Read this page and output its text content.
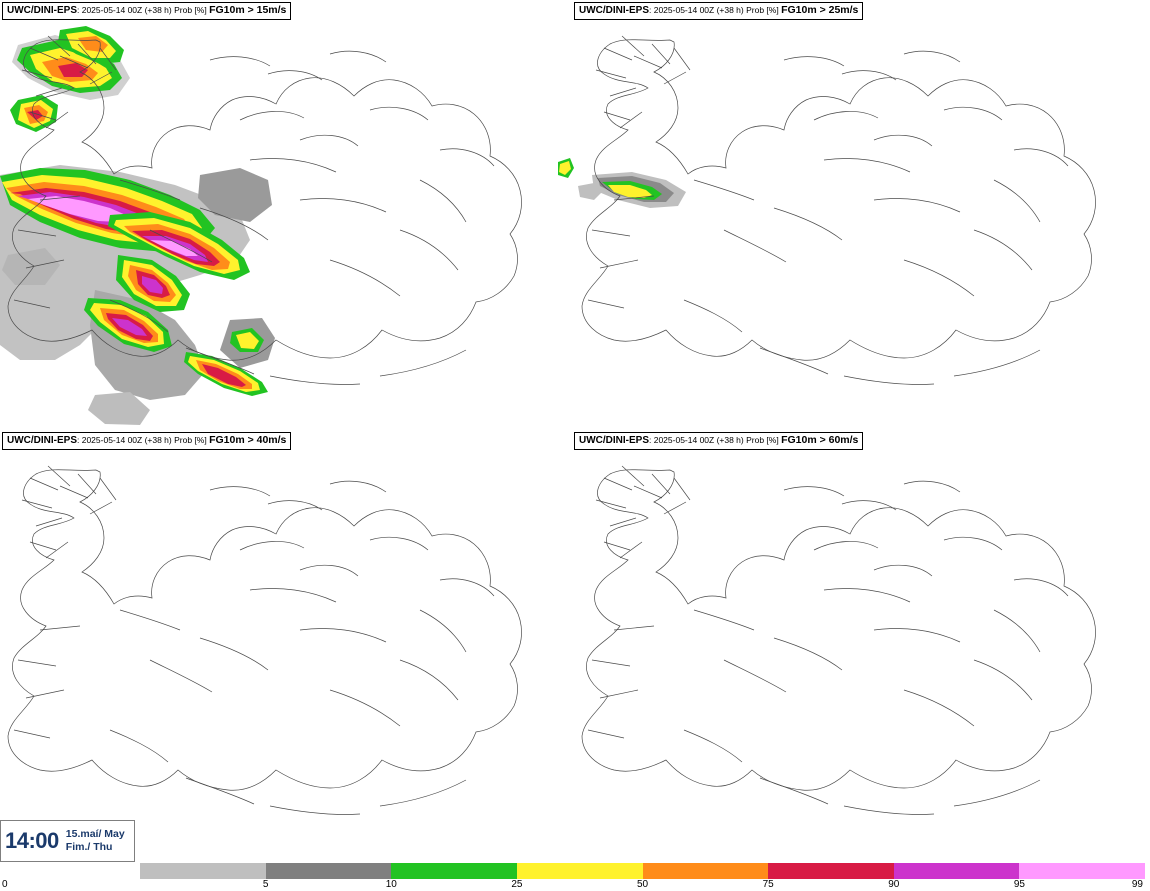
UWC/DINI-EPS: 2025-05-14 00Z (+38 h) Prob [%] FG10m > 15m/s	UWC/DINI-EPS: 2025-05-14 00Z (+38 h) Prob [%] FG10m > 25m/s
UWC/DINI-EPS: 2025-05-14 00Z (+38 h) Prob [%] FG10m > 40m/s	UWC/DINI-EPS: 2025-05-14 00Z (+38 h) Prob [%] FG10m > 60m/s
14:00 15.maí/ May
Fim./ Thu
0	5	10	25	50	75	90	95	99
